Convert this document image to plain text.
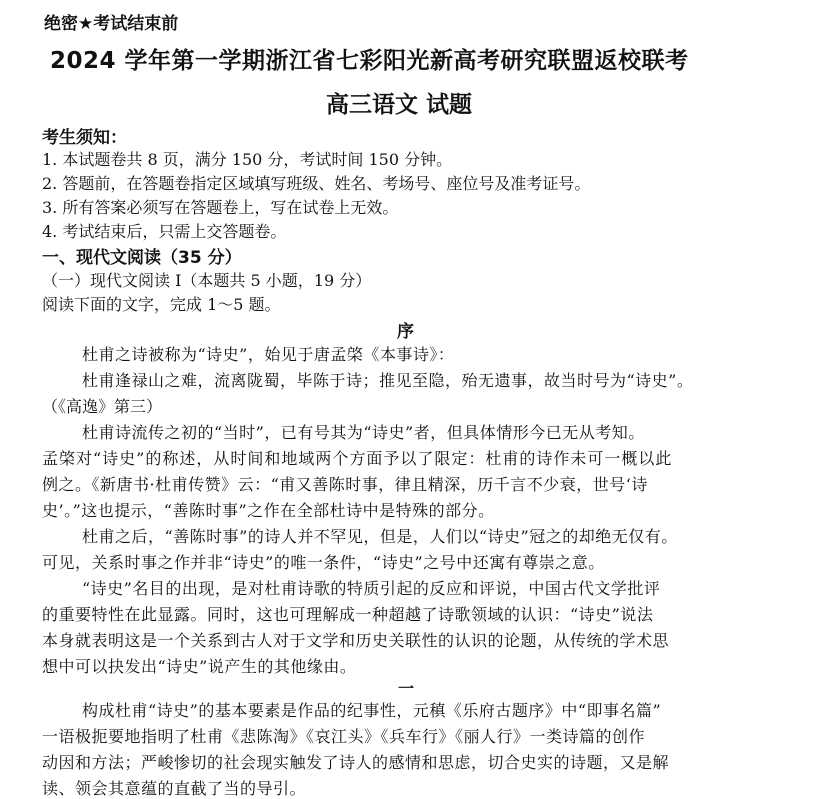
绝密★考试结束前
2024 学年第一学期浙江省七彩阳光新高考研究联盟返校联考
高三语文 试题
考生须知：
1. 本试题卷共 8 页，满分 150 分，考试时间 150 分钟。
2. 答题前，在答题卷指定区域填写班级、姓名、考场号、座位号及准考证号。
3. 所有答案必须写在答题卷上，写在试卷上无效。
4. 考试结束后，只需上交答题卷。
一、现代文阅读（35 分）
（一）现代文阅读 I（本题共 5 小题，19 分）
阅读下面的文字，完成 1～5 题。
序
杜甫之诗被称为“诗史”，始见于唐孟棨《本事诗》：
杜甫逢禄山之难，流离陇蜀，毕陈于诗；推见至隐，殆无遗事，故当时号为“诗史”。
（《高逸》第三）
杜甫诗流传之初的“当时”，已有号其为“诗史”者，但具体情形今已无从考知。
孟棨对“诗史”的称述，从时间和地域两个方面予以了限定：杜甫的诗作未可一概以此
例之。《新唐书·杜甫传赞》云：“甫又善陈时事，律且精深，历千言不少衰，世号‘诗
史’。”这也提示，“善陈时事”之作在全部杜诗中是特殊的部分。
杜甫之后，“善陈时事”的诗人并不罕见，但是，人们以“诗史”冠之的却绝无仅有。
可见，关系时事之作并非“诗史”的唯一条件，“诗史”之号中还寓有尊崇之意。
“诗史”名目的出现，是对杜甫诗歌的特质引起的反应和评说，中国古代文学批评
的重要特性在此显露。同时，这也可理解成一种超越了诗歌领域的认识：“诗史”说法
本身就表明这是一个关系到古人对于文学和历史关联性的认识的论题，从传统的学术思
想中可以抉发出“诗史”说产生的其他缘由。
一
构成杜甫“诗史”的基本要素是作品的纪事性，元稹《乐府古题序》中“即事名篇”
一语极扼要地指明了杜甫《悲陈淘》《哀江头》《兵车行》《丽人行》一类诗篇的创作
动因和方法；严峻惨切的社会现实触发了诗人的感情和思虑，切合史实的诗题，又是解
读、领会其意蕴的直截了当的导引。
